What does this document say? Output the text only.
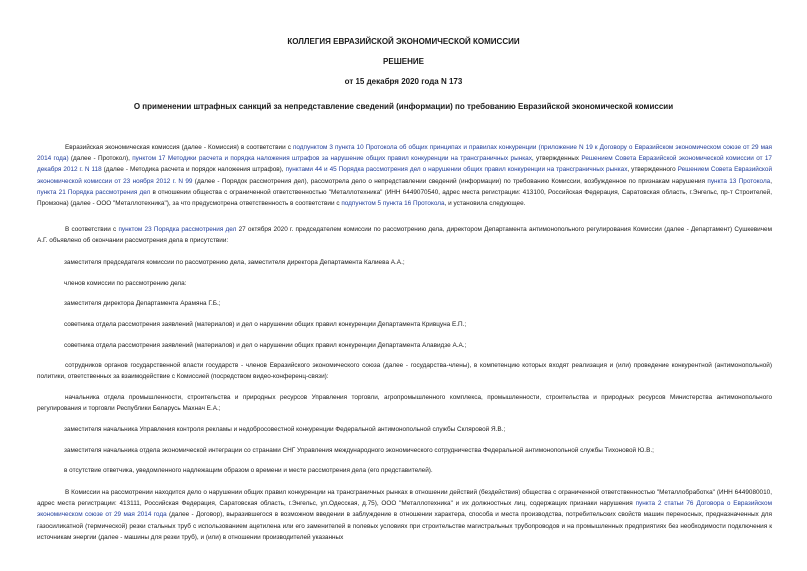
КОЛЛЕГИЯ ЕВРАЗИЙСКОЙ ЭКОНОМИЧЕСКОЙ КОМИССИИ
РЕШЕНИЕ
от 15 декабря 2020 года N 173
О применении штрафных санкций за непредставление сведений (информации) по требованию Евразийской экономической комиссии

Евразийская экономическая комиссия (далее - Комиссия) в соответствии с подпунктом 3 пункта 10 Протокола об общих принципах и правилах конкуренции (приложение N 19 к Договору о Евразийском экономическом союзе от 29 мая 2014 года) (далее - Протокол), пунктом 17 Методики расчета и порядка наложения штрафов за нарушение общих правил конкуренции на трансграничных рынках, утвержденных Решением Совета Евразийской экономической комиссии от 17 декабря 2012 г. N 118 (далее - Методика расчета и порядок наложения штрафов), пунктами 44 и 45 Порядка рассмотрения дел о нарушении общих правил конкуренции на трансграничных рынках, утвержденного Решением Совета Евразийской экономической комиссии от 23 ноября 2012 г. N 99 (далее - Порядок рассмотрения дел), рассмотрела дело о непредставлении сведений (информации) по требованию Комиссии, возбужденное по признакам нарушения пункта 13 Протокола, пункта 21 Порядка рассмотрения дел в отношении общества с ограниченной ответственностью "Металлотехника" (ИНН 6449070540, адрес места регистрации: 413100, Российская Федерация, Саратовская область, г.Энгельс, пр-т Строителей, Промзона) (далее - ООО "Металлотехника"), за что предусмотрена ответственность в соответствии с подпунктом 5 пункта 16 Протокола, и установила следующее.

В соответствии с пунктом 23 Порядка рассмотрения дел 27 октября 2020 г. председателем комиссии по рассмотрению дела, директором Департамента антимонопольного регулирования Комиссии (далее - Департамент) Сушкевичем А.Г. объявлено об окончании рассмотрения дела в присутствии:

заместителя председателя комиссии по рассмотрению дела, заместителя директора Департамента Калиева А.А.;
членов комиссии по рассмотрению дела:
заместителя директора Департамента Арамяна Г.Б.;
советника отдела рассмотрения заявлений (материалов) и дел о нарушении общих правил конкуренции Департамента Кривцуна Е.П.;
советника отдела рассмотрения заявлений (материалов) и дел о нарушении общих правил конкуренции Департамента Алавидзе А.А.;

сотрудников органов государственной власти государств - членов Евразийского экономического союза (далее - государства-члены), в компетенцию которых входят реализация и (или) проведение конкурентной (антимонопольной) политики, ответственных за взаимодействие с Комиссией (посредством видео-конференц-связи):

начальника отдела промышленности, строительства и природных ресурсов Управления торговли, агропромышленного комплекса, промышленности, строительства и природных ресурсов Министерства антимонопольного регулирования и торговли Республики Беларусь Махнач Е.А.;

заместителя начальника Управления контроля рекламы и недобросовестной конкуренции Федеральной антимонопольной службы Скляровой Я.В.;
заместителя начальника отдела экономической интеграции со странами СНГ Управления международного экономического сотрудничества Федеральной антимонопольной службы Тихоновой Ю.В.;
в отсутствие ответчика, уведомленного надлежащим образом о времени и месте рассмотрения дела (его представителей).

В Комиссии на рассмотрении находится дело о нарушении общих правил конкуренции на трансграничных рынках в отношении действий (бездействия) общества с ограниченной ответственностью "Металлобработка" (ИНН 6449080010, адрес места регистрации: 413111, Российская Федерация, Саратовская область, г.Энгельс, ул.Одесская, д.75), ООО "Металлотехника" и их должностных лиц, содержащих признаки нарушения пункта 2 статьи 76 Договора о Евразийском экономическом союзе от 29 мая 2014 года (далее - Договор), выразившегося в возможном введении в заблуждение в отношении характера, способа и места производства, потребительских свойств машин переносных, предназначенных для газосиликатной (термической) резки стальных труб с использованием ацетилена или его заменителей в полевых условиях при строительстве магистральных трубопроводов и на промышленных предприятиях без необходимости подключения к источникам энергии (далее - машины для резки труб), и (или) в отношении производителей указанных
